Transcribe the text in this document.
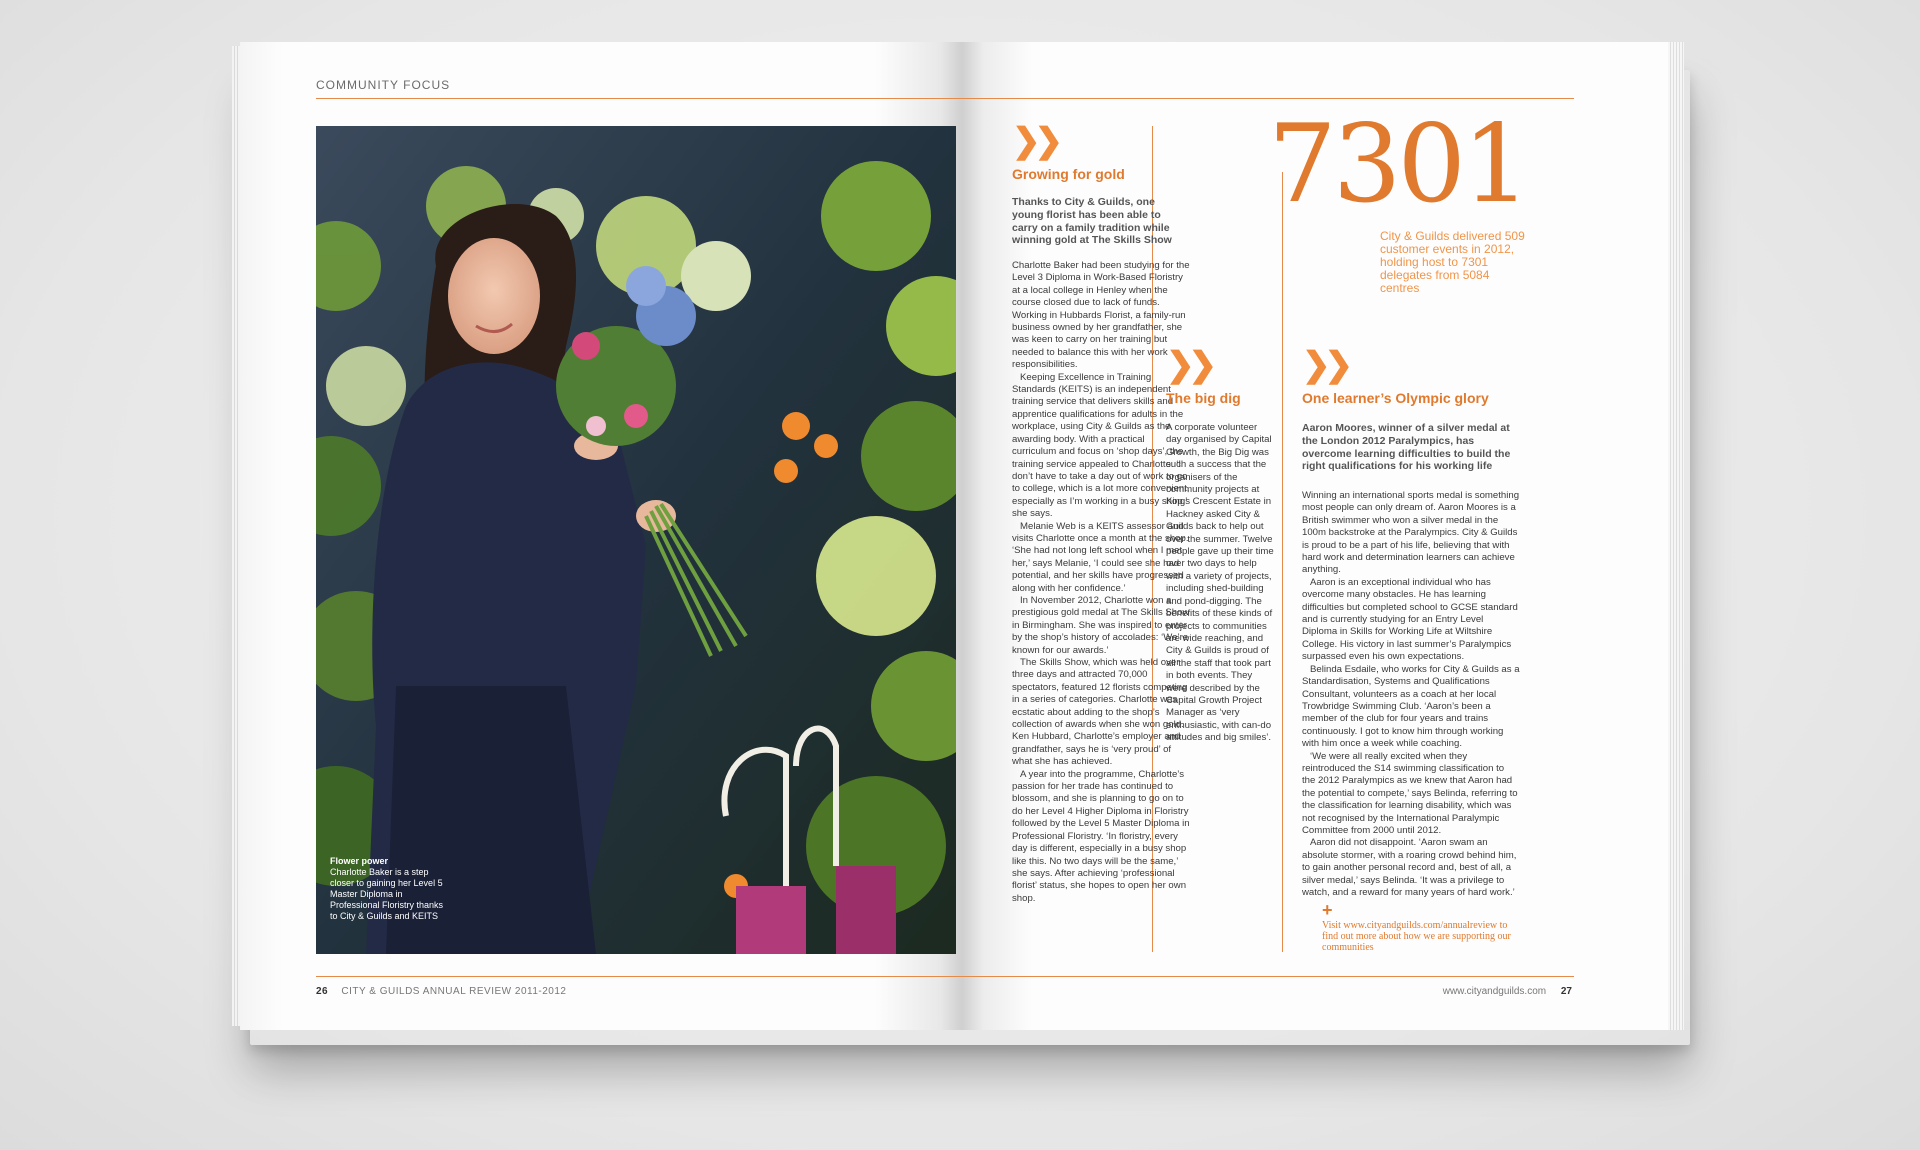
COMMUNITY FOCUS
Flower power
Charlotte Baker is a step closer to gaining her Level 5 Master Diploma in Professional Floristry thanks to City & Guilds and KEITS
26 CITY & GUILDS ANNUAL REVIEW 2011-2012
❯❯
Growing for gold
Thanks to City & Guilds, one young florist has been able to carry on a family tradition while winning gold at The Skills Show

Charlotte Baker had been studying for the Level 3 Diploma in Work-Based Floristry at a local college in Henley when the course closed due to lack of funds. Working in Hubbards Florist, a family-run business owned by her grandfather, she was keen to carry on her training but needed to balance this with her work responsibilities.

Keeping Excellence in Training Standards (KEITS) is an independent training service that delivers skills and apprentice qualifications for adults in the workplace, using City & Guilds as the awarding body. With a practical curriculum and focus on ‘shop days’, the training service appealed to Charlotte. ‘I don’t have to take a day out of work to go to college, which is a lot more convenient, especially as I’m working in a busy shop,’ she says.

Melanie Web is a KEITS assessor and visits Charlotte once a month at the shop. ‘She had not long left school when I met her,’ says Melanie, ‘I could see she had potential, and her skills have progressed along with her confidence.’

In November 2012, Charlotte won a prestigious gold medal at The Skills Show in Birmingham. She was inspired to enter by the shop’s history of accolades: ‘We’re known for our awards.’

The Skills Show, which was held over three days and attracted 70,000 spectators, featured 12 florists competing in a series of categories. Charlotte was ecstatic about adding to the shop’s collection of awards when she won gold. Ken Hubbard, Charlotte’s employer and grandfather, says he is ‘very proud’ of what she has achieved.

A year into the programme, Charlotte’s passion for her trade has continued to blossom, and she is planning to go on to do her Level 4 Higher Diploma in Floristry followed by the Level 5 Master Diploma in Professional Floristry. ‘In floristry, every day is different, especially in a busy shop like this. No two days will be the same,’ she says. After achieving ‘professional florist’ status, she hopes to open her own shop.

7301
City & Guilds delivered 509 customer events in 2012, holding host to 7301 delegates from 5084 centres
❯❯
The big dig

A corporate volunteer day organised by Capital Growth, the Big Dig was such a success that the organisers of the community projects at Kings Crescent Estate in Hackney asked City & Guilds back to help out over the summer. Twelve people gave up their time over two days to help with a variety of projects, including shed-building and pond-digging. The benefits of these kinds of projects to communities are wide reaching, and City & Guilds is proud of all the staff that took part in both events. They were described by the Capital Growth Project Manager as ‘very enthusiastic, with can-do attitudes and big smiles’.

❯❯
One learner’s Olympic glory
Aaron Moores, winner of a silver medal at the London 2012 Paralympics, has overcome learning difficulties to build the right qualifications for his working life

Winning an international sports medal is something most people can only dream of. Aaron Moores is a British swimmer who won a silver medal in the 100m backstroke at the Paralympics. City & Guilds is proud to be a part of his life, believing that with hard work and determination learners can achieve anything.

Aaron is an exceptional individual who has overcome many obstacles. He has learning difficulties but completed school to GCSE standard and is currently studying for an Entry Level Diploma in Skills for Working Life at Wiltshire College. His victory in last summer’s Paralympics surpassed even his own expectations.

Belinda Esdaile, who works for City & Guilds as a Standardisation, Systems and Qualifications Consultant, volunteers as a coach at her local Trowbridge Swimming Club. ‘Aaron’s been a member of the club for four years and trains continuously. I got to know him through working with him once a week while coaching.

‘We were all really excited when they reintroduced the S14 swimming classification to the 2012 Paralympics as we knew that Aaron had the potential to compete,’ says Belinda, referring to the classification for learning disability, which was not recognised by the International Paralympic Committee from 2000 until 2012.

Aaron did not disappoint. ‘Aaron swam an absolute stormer, with a roaring crowd behind him, to gain another personal record and, best of all, a silver medal,’ says Belinda. ‘It was a privilege to watch, and a reward for many years of hard work.’

+
Visit www.cityandguilds.com/annualreview to find out more about how we are supporting our communities
www.cityandguilds.com 27
